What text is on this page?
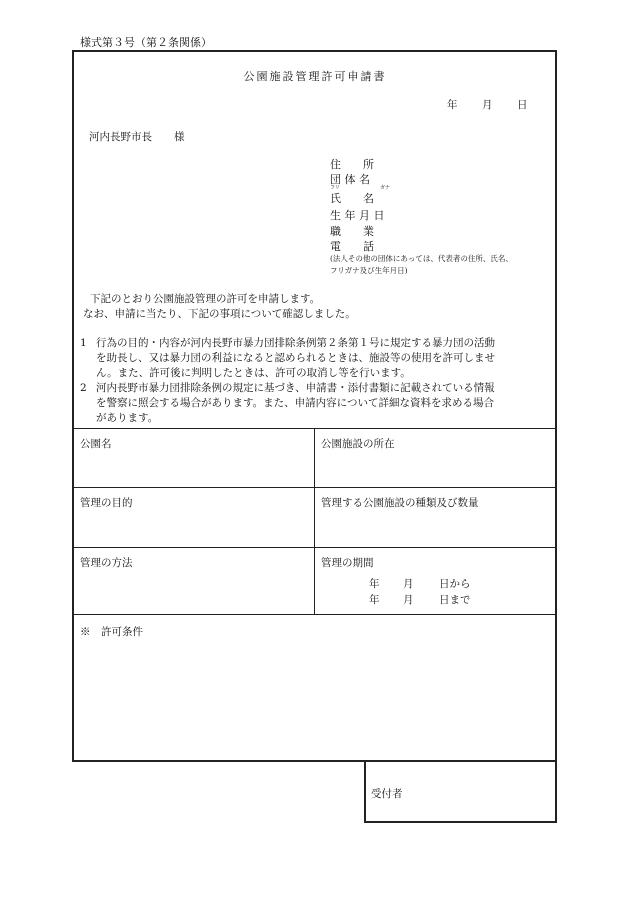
様式第３号（第２条関係）
公園施設管理許可申請書
年 月 日
河内長野市長 様
住　　所
団 体 名
フリ	ガナ
氏　　名
生 年 月 日
職　　業
電　　話
(法人その他の団体にあっては、代表者の住所、氏名、
フリガナ及び生年月日)
下記のとおり公園施設管理の許可を申請します。
なお、申請に当たり、下記の事項について確認しました。
1 行為の目的・内容が河内長野市暴力団排除条例第２条第１号に規定する暴力団の活動
を助長し、又は暴力団の利益になると認められるときは、施設等の使用を許可しませ
ん。また、許可後に判明したときは、許可の取消し等を行います。
2 河内長野市暴力団排除条例の規定に基づき、申請書・添付書類に記載されている情報
を警察に照会する場合があります。また、申請内容について詳細な資料を求める場合
があります。
公園名	公園施設の所在
管理の目的	管理する公園施設の種類及び数量
管理の方法	管理の期間
年 月 日から
年 月 日まで
※　許可条件
受付者
